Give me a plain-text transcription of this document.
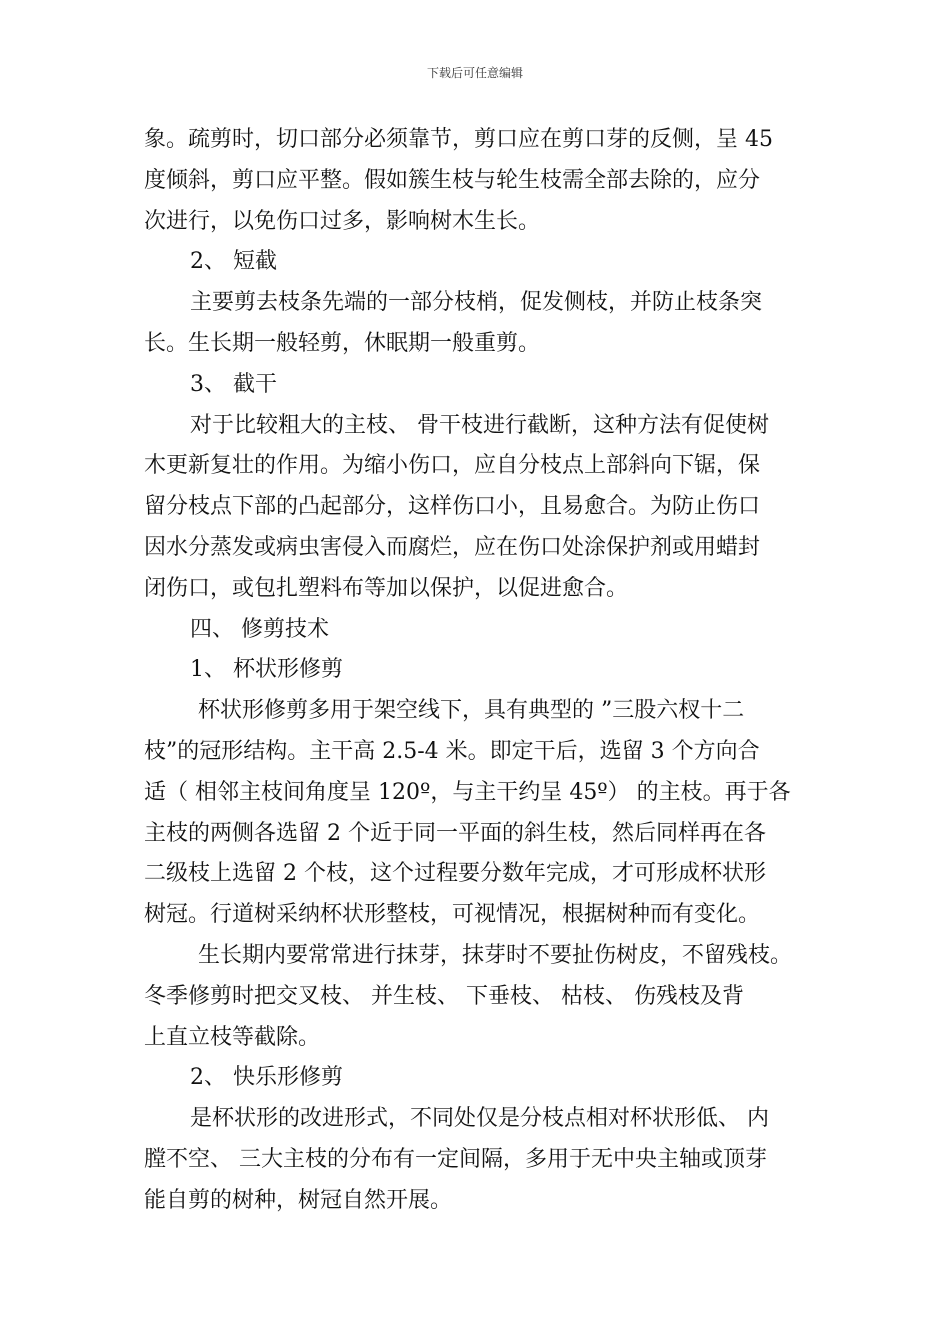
下载后可任意编辑
象。疏剪时，切口部分必须靠节，剪口应在剪口芽的反侧，呈 45
度倾斜，剪口应平整。假如簇生枝与轮生枝需全部去除的，应分
次进行，以免伤口过多，影响树木生长。
2、 短截
主要剪去枝条先端的一部分枝梢，促发侧枝，并防止枝条突
长。生长期一般轻剪，休眠期一般重剪。
3、 截干
对于比较粗大的主枝、 骨干枝进行截断，这种方法有促使树
木更新复壮的作用。为缩小伤口，应自分枝点上部斜向下锯，保
留分枝点下部的凸起部分，这样伤口小，且易愈合。为防止伤口
因水分蒸发或病虫害侵入而腐烂，应在伤口处涂保护剂或用蜡封
闭伤口，或包扎塑料布等加以保护，以促进愈合。
四、 修剪技术
1、 杯状形修剪
杯状形修剪多用于架空线下，具有典型的 ”三股六杈十二
枝”的冠形结构。主干高 2.5-4 米。即定干后，选留 3 个方向合
适（ 相邻主枝间角度呈 120º，与主干约呈 45º） 的主枝。再于各
主枝的两侧各选留 2 个近于同一平面的斜生枝，然后同样再在各
二级枝上选留 2 个枝，这个过程要分数年完成，才可形成杯状形
树冠。行道树采纳杯状形整枝，可视情况，根据树种而有变化。
生长期内要常常进行抹芽，抹芽时不要扯伤树皮，不留残枝。
冬季修剪时把交叉枝、 并生枝、 下垂枝、 枯枝、 伤残枝及背
上直立枝等截除。
2、 快乐形修剪
是杯状形的改进形式，不同处仅是分枝点相对杯状形低、 内
膛不空、 三大主枝的分布有一定间隔，多用于无中央主轴或顶芽
能自剪的树种，树冠自然开展。
